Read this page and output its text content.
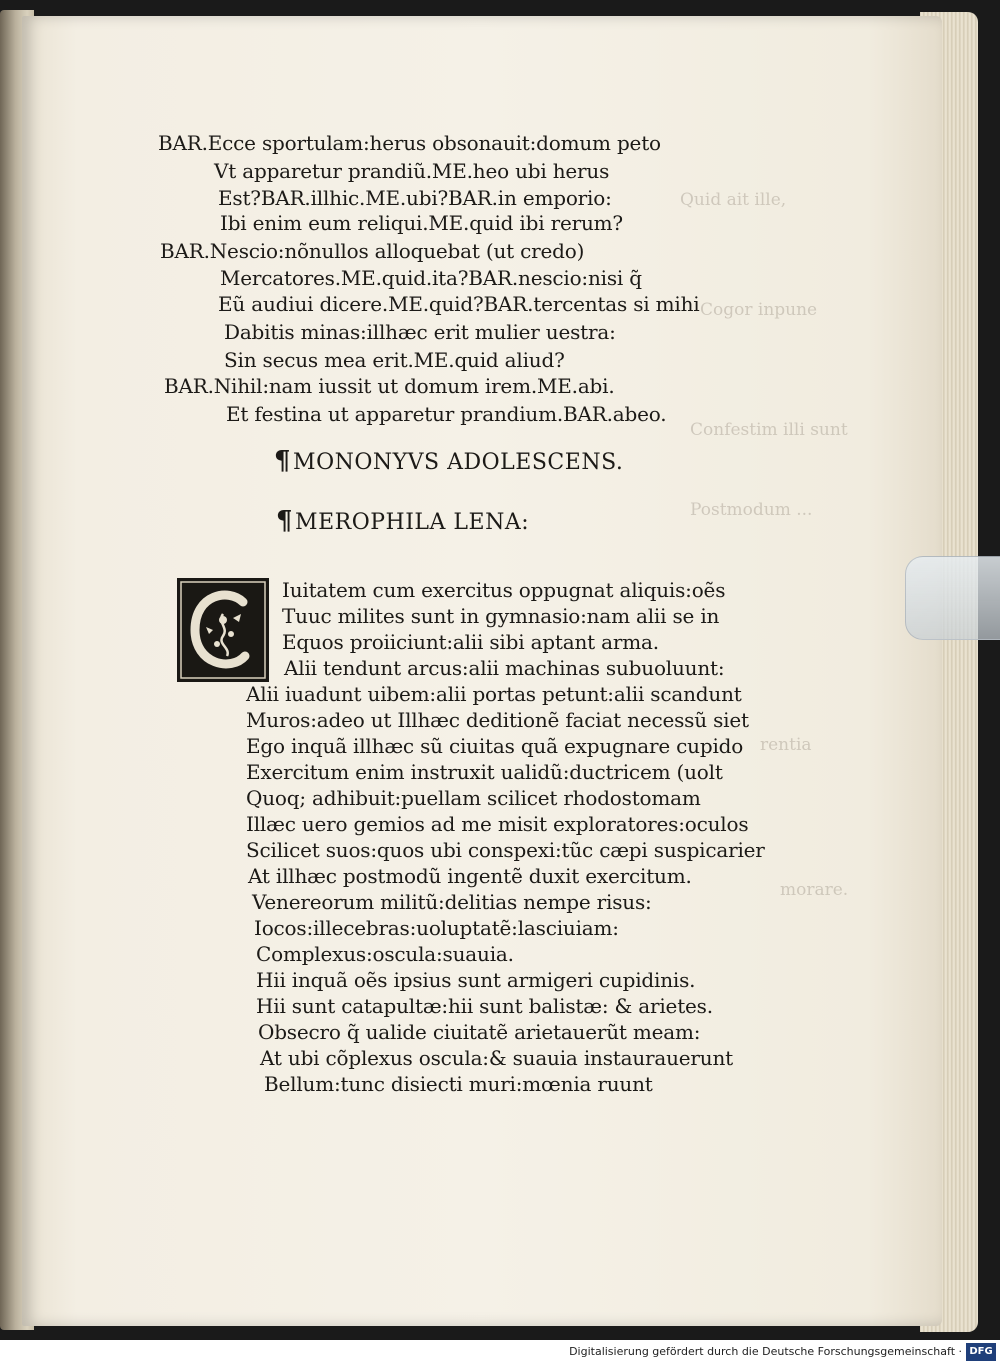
Quid ait ille,
Cogor inpune
Confestim illi sunt
Postmodum ...
rentia
morare.
BAR.Ecce sportulam:herus obsonauit:domum peto
Vt apparetur prandiũ.ME.heo ubi herus
Est?BAR.illhic.ME.ubi?BAR.in emporio:
Ibi enim eum reliqui.ME.quid ibi rerum?
BAR.Nescio:nõnullos alloquebat (ut credo)
Mercatores.ME.quid.ita?BAR.nescio:nisi q̃
Eũ audiui dicere.ME.quid?BAR.tercentas si mihi
Dabitis minas:illhæc erit mulier uestra:
Sin secus mea erit.ME.quid aliud?
BAR.Nihil:nam iussit ut domum irem.ME.abi.
Et festina ut apparetur prandium.BAR.abeo.
¶MONONYVS ADOLESCENS.
¶MEROPHILA LENA:
Iuitatem cum exercitus oppugnat aliquis:oẽs
Tuuc milites sunt in gymnasio:nam alii se in
Equos proiiciunt:alii sibi aptant arma.
Alii tendunt arcus:alii machinas subuoluunt:
Alii iuadunt uibem:alii portas petunt:alii scandunt
Muros:adeo ut Illhæc deditionẽ faciat necessũ siet
Ego inquã illhæc sũ ciuitas quã expugnare cupido
Exercitum enim instruxit ualidũ:ductricem (uolt
Quoq; adhibuit:puellam scilicet rhodostomam
Illæc uero gemios ad me misit exploratores:oculos
Scilicet suos:quos ubi conspexi:tũc cæpi suspicarier
At illhæc postmodũ ingentẽ duxit exercitum.
Venereorum militũ:delitias nempe risus:
Iocos:illecebras:uoluptatẽ:lasciuiam:
Complexus:oscula:suauia.
Hii inquã oẽs ipsius sunt armigeri cupidinis.
Hii sunt catapultæ:hii sunt balistæ: & arietes.
Obsecro q̃ ualide ciuitatẽ arietauerũt meam:
At ubi cõplexus oscula:& suauia instaurauerunt
Bellum:tunc disiecti muri:mœnia ruunt
Digitalisierung gefördert durch die Deutsche Forschungsgemeinschaft · DFG
